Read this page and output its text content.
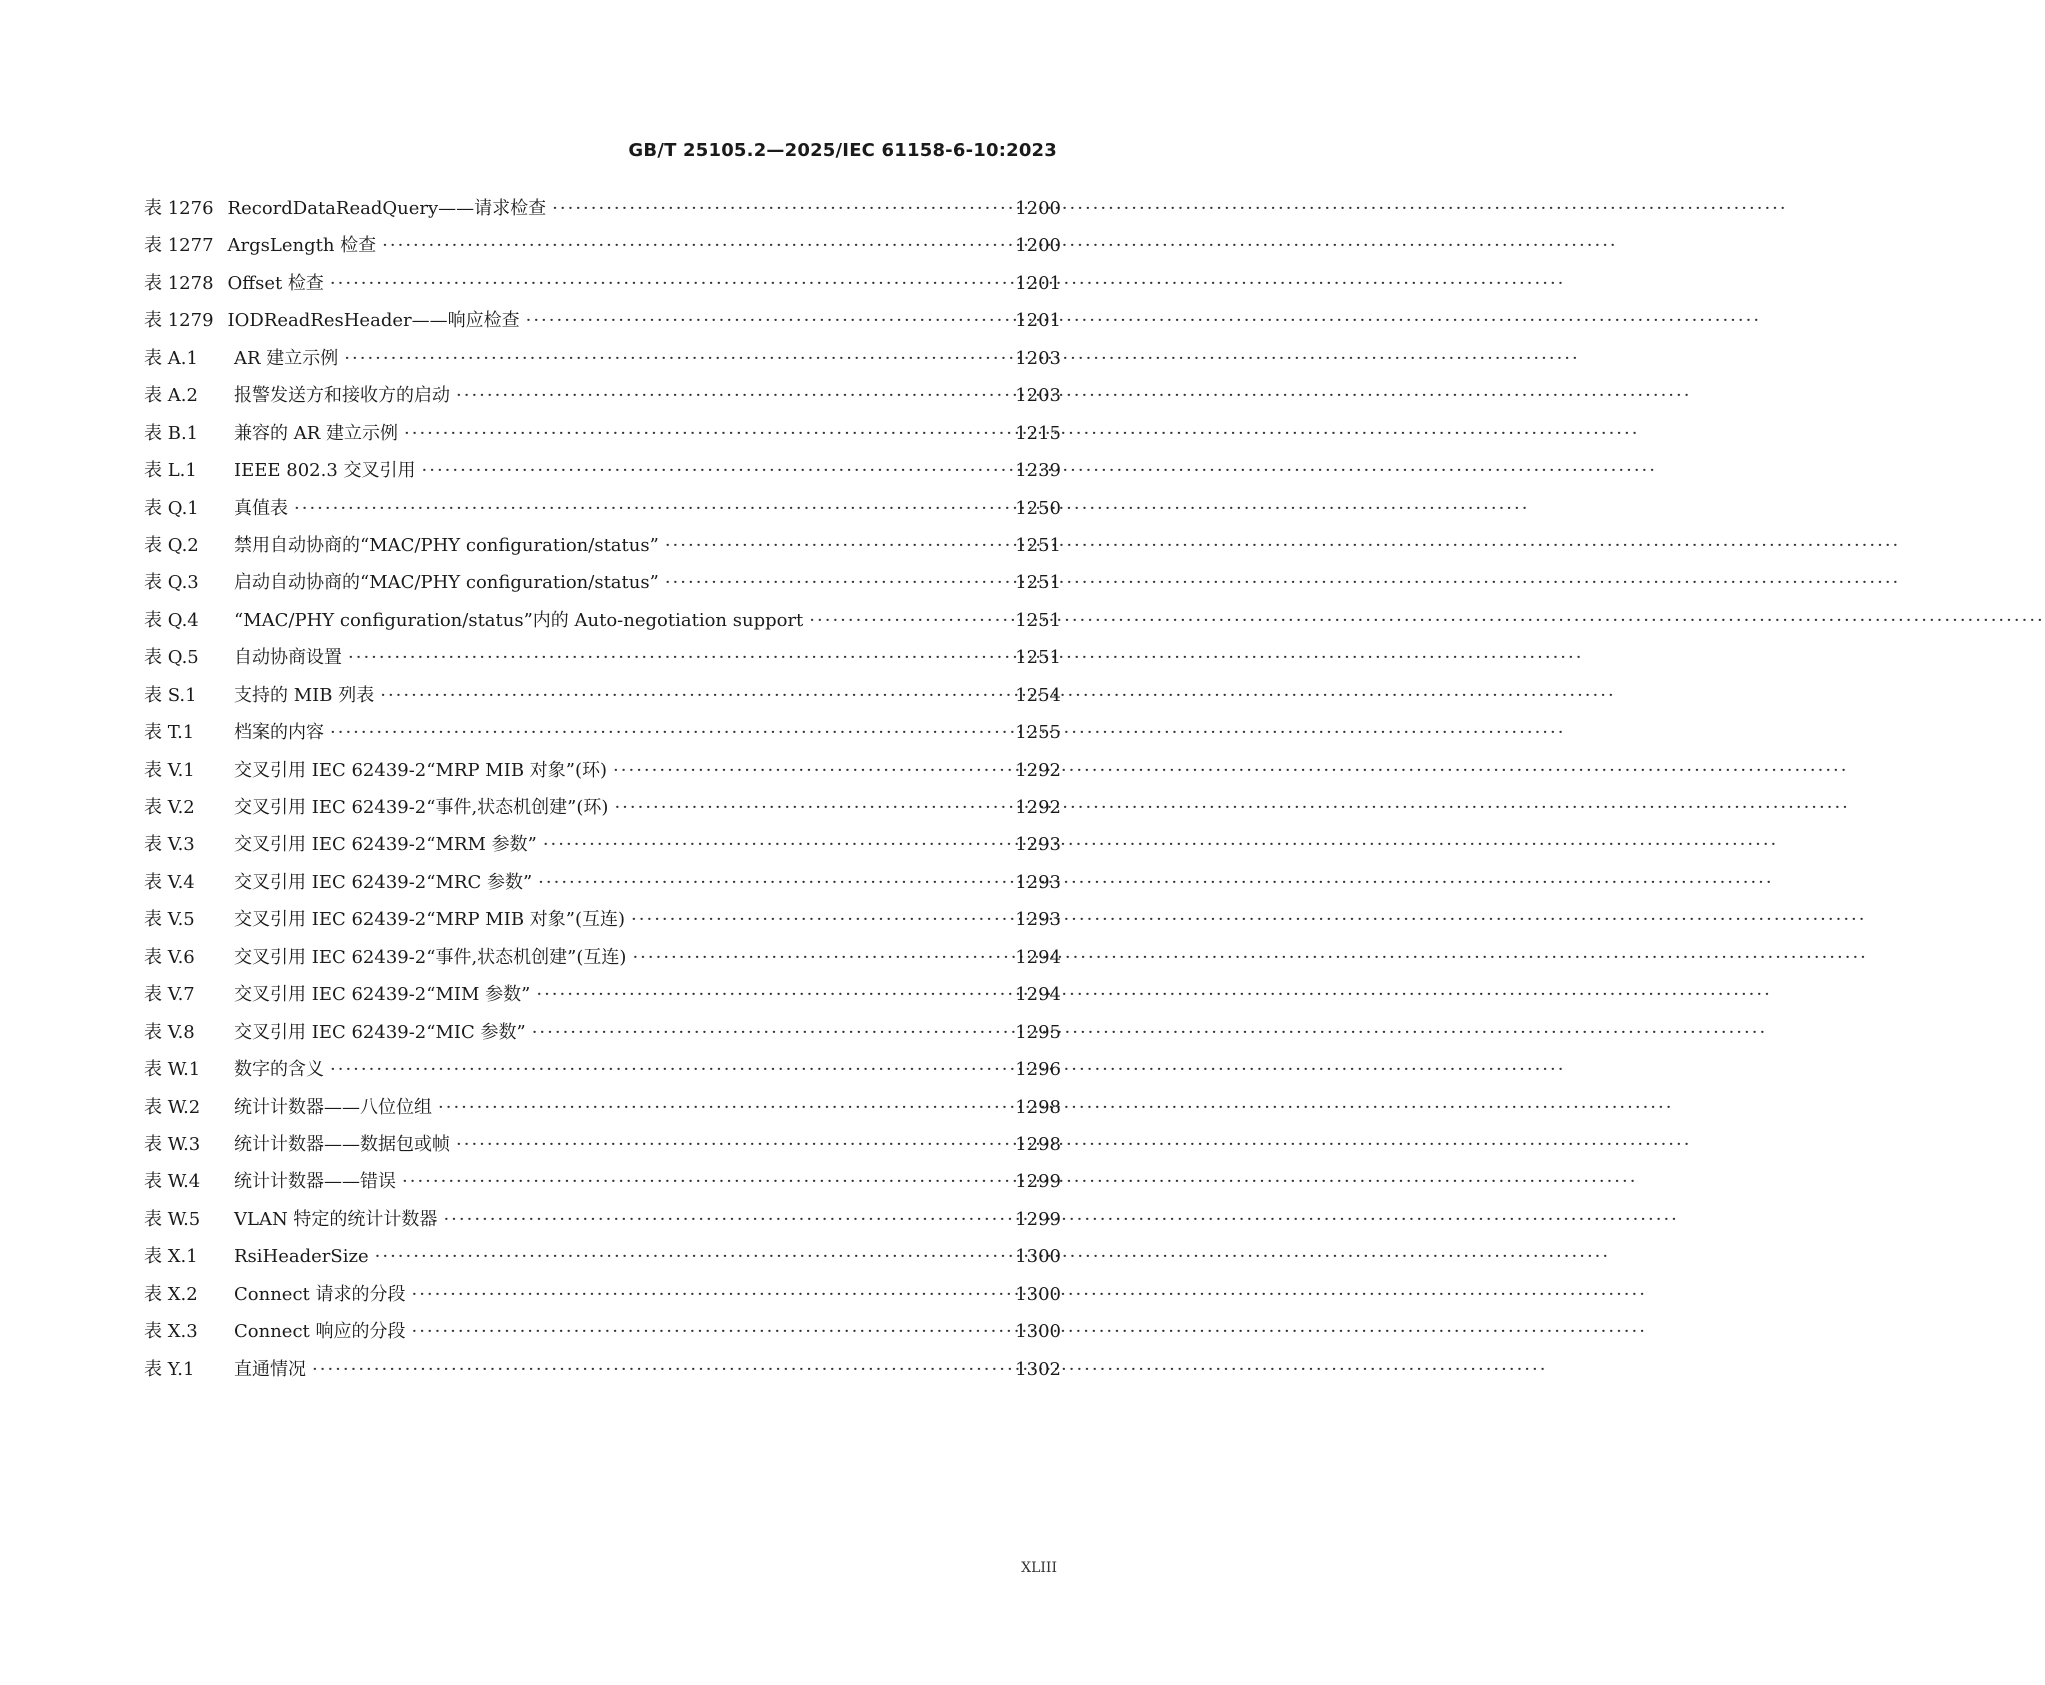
GB/T 25105.2—2025/IEC 61158-6-10:2023
表 1276 RecordDataReadQuery——请求检查 ·····	1200
表 1277 ArgsLength 检查 ·····	1200
表 1278 Offset 检查 ·····	1201
表 1279 IODReadResHeader——响应检查 ·····	1201
表 A.1	AR 建立示例 ·····	1203
表 A.2	报警发送方和接收方的启动 ·····	1203
表 B.1	兼容的 AR 建立示例 ·····	1215
表 L.1	IEEE 802.3 交叉引用 ·····	1239
表 Q.1	真值表 ·····	1250
表 Q.2	禁用自动协商的“MAC/PHY configuration/status” ·····	1251
表 Q.3	启动自动协商的“MAC/PHY configuration/status” ·····	1251
表 Q.4	“MAC/PHY configuration/status”内的 Auto-negotiation support ·····	1251
表 Q.5	自动协商设置 ·····	1251
表 S.1	支持的 MIB 列表 ·····	1254
表 T.1	档案的内容 ·····	1255
表 V.1	交叉引用 IEC 62439-2“MRP MIB 对象”(环) ·····	1292
表 V.2	交叉引用 IEC 62439-2“事件,状态机创建”(环) ·····	1292
表 V.3	交叉引用 IEC 62439-2“MRM 参数” ·····	1293
表 V.4	交叉引用 IEC 62439-2“MRC 参数” ·····	1293
表 V.5	交叉引用 IEC 62439-2“MRP MIB 对象”(互连) ·····	1293
表 V.6	交叉引用 IEC 62439-2“事件,状态机创建”(互连) ·····	1294
表 V.7	交叉引用 IEC 62439-2“MIM 参数” ·····	1294
表 V.8	交叉引用 IEC 62439-2“MIC 参数” ·····	1295
表 W.1	数字的含义 ·····	1296
表 W.2	统计计数器——八位位组 ·····	1298
表 W.3	统计计数器——数据包或帧 ·····	1298
表 W.4	统计计数器——错误 ·····	1299
表 W.5	VLAN 特定的统计计数器 ·····	1299
表 X.1	RsiHeaderSize ·····	1300
表 X.2	Connect 请求的分段 ·····	1300
表 X.3	Connect 响应的分段 ·····	1300
表 Y.1	直通情况 ·····	1302
XLIII
